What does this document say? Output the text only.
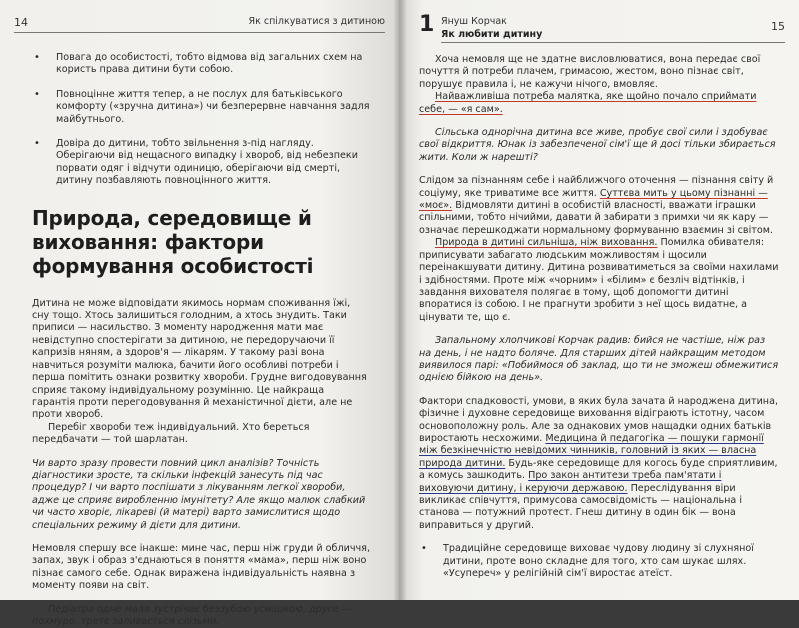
14	Як спілкуватися з дитиною
• Повага до особистості, тобто відмова від загальних схем на користь права дитини бути собою.
• Повноцінне життя тепер, а не послух для батьківського комфорту («зручна дитина») чи безперервне навчання задля майбутнього.
• Довіра до дитини, тобто звільнення з-під нагляду. Оберігаючи від нещасного випадку і хвороб, від небезпеки порвати одяг і відчути одиницю, оберігаючи від смерті, дитину позбавляють повноцінного життя.
Природа, середовище й виховання: фактори формування особистості

Дитина не може відповідати якимось нормам споживання їжі, сну тощо. Хтось залишиться голодним, а хтось знудить. Таки приписи — насильство. З моменту народження мати має невідступно спостерігати за дитиною, не передоручаючи її капризів няням, а здоров'я — лікарям. У такому разі вона навчиться розуміти малюка, бачити його особливі потреби і перша помітить ознаки розвитку хвороби. Грудне вигодовування сприяє такому індивідуальному розумінню. Це найкраща гарантія проти перегодовування й механістичної дієти, але не проти хвороб.

Перебіг хвороби теж індивідуальний. Хто береться передбачати — той шарлатан.

Чи варто зразу провести повний цикл аналізів? Точність діагностики зросте, та скільки інфекцій занесуть під час процедур? І чи варто поспішати з лікуванням легкої хвороби, адже це сприяє виробленню імунітету? Але якщо малюк слабкий чи часто хворіє, лікареві (й матері) варто замислитися щодо спеціальних режиму й дієти для дитини.

Немовля спершу все інакше: мине час, перш ніж груди й обличчя, запах, звук і образ з'єднаються в поняття «мама», перш ніж воно пізнає самого себе. Однак виражена індивідуальність наявна з моменту появи на світ.

Педіатра одне маля зустрічає беззубою усмішкою, друге — похмуро, третє заливається слізьми.

1 Януш Корчак
Як любити дитину
15

Хоча немовля ще не здатне висловлюватися, вона передає свої почуття й потреби плачем, гримасою, жестом, воно пізнає світ, порушує правила і, не кажучи нічого, вмовляє.

Найважливіша потреба малятка, яке щойно почало сприймати себе, — «я сам».

Сільська однорічна дитина все живе, пробує свої сили і здобуває свої відкриття. Юнак із забезпеченої сім'ї ще й досі тільки збирається жити. Коли ж нарешті?

Слідом за пізнанням себе і найближчого оточення — пізнання світу й соціуму, яке триватиме все життя. Суттєва мить у цьому пізнанні — «моє». Відмовляти дитині в особистій власності, вважати іграшки спільними, тобто нічийми, давати й забирати з примхи чи як кару — означає перешкоджати нормальному формуванню взаємин зі світом.

Природа в дитині сильніша, ніж виховання. Помилка обивателя: приписувати забагато людським можливостям і щосили переінакшувати дитину. Дитина розвиватиметься за своїми нахилами і здібностями. Проте між «чорним» і «білим» є безліч відтінків, і завдання вихователя полягає в тому, щоб допомогти дитині впоратися із собою. І не прагнути зробити з неї щось видатне, а цінувати те, що є.

Запальному хлопчикові Корчак радив: бийся не частіше, ніж раз на день, і не надто боляче. Для старших дітей найкращим методом виявилося парі: «Побиймося об заклад, що ти не зможеш обмежитися однією бійкою на день».

Фактори спадковості, умови, в яких була зачата й народжена дитина, фізичне і духовне середовище виховання відіграють істотну, часом основоположну роль. Але за однакових умов нащадки одних батьків виростають несхожими. Медицина й педагогіка — пошуки гармонії між безкінечністю невідомих чинників, головний із яких — власна природа дитини. Будь-яке середовище для когось буде сприятливим, а комусь зашкодить. Про закон антитези треба пам'ятати і виховуючи дитину, і керуючи державою. Переслідування віри викликає співчуття, примусова самосвідомість — національна і станова — потужний протест. Гнеш дитину в один бік — вона виправиться у другий.

• Традиційне середовище виховає чудову людину зі слухняної дитини, проте воно складне для того, хто сам шукає шлях. «Усупереч» у релігійній сім'ї виростає атеїст.
